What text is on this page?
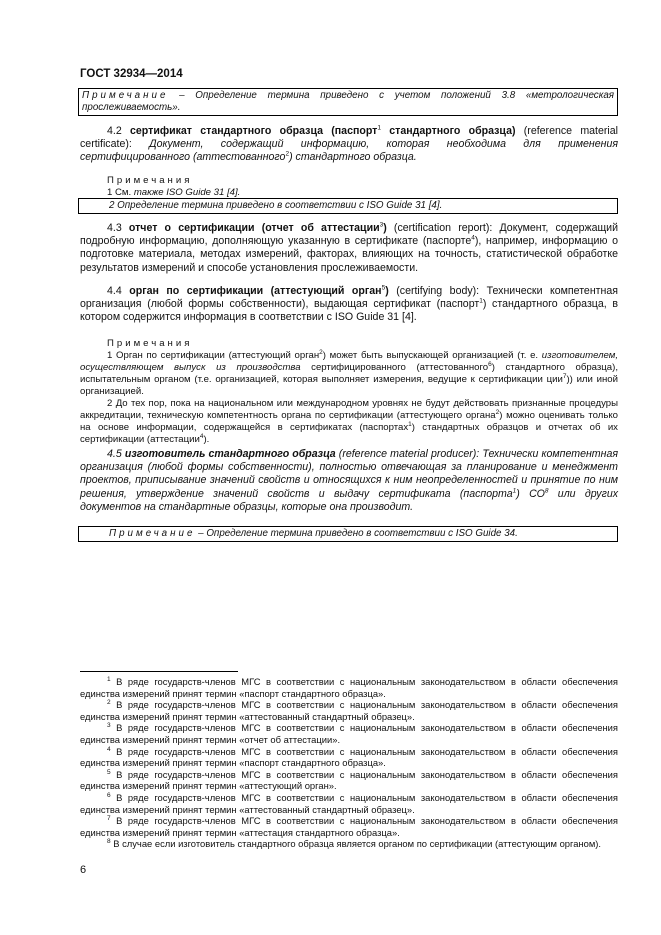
ГОСТ 32934—2014
Примечание – Определение термина приведено с учетом положений 3.8 «метрологическая прослеживаемость».
4.2 сертификат стандартного образца (паспорт$^1$ стандартного образца) (reference material certificate): Документ, содержащий информацию, которая необходима для применения сертифицированного (аттестованного$^2$) стандартного образца.
Примечания
1 См. также ISO Guide 31 [4].
2 Определение термина приведено в соответствии с ISO Guide 31 [4].
4.3 отчет о сертификации (отчет об аттестации$^3$) (certification report): Документ, содержащий подробную информацию, дополняющую указанную в сертификате (паспорте$^4$), например, информацию о подготовке материала, методах измерений, факторах, влияющих на точность, статистической обработке результатов измерений и способе установления прослеживаемости.
4.4 орган по сертификации (аттестующий орган$^5$) (certifying body): Технически компетентная организация (любой формы собственности), выдающая сертификат (паспорт$^1$) стандартного образца, в котором содержится информация в соответствии с ISO Guide 31 [4].
Примечания
1 Орган по сертификации (аттестующий орган$^2$) может быть выпускающей организацией (т. е. изготовителем, осуществляющем выпуск из производства сертифицированного (аттестованного$^6$) стандартного образца), испытательным органом (т.е. организацией, которая выполняет измерения, ведущие к сертификации ции$^7$)) или иной организацией.
2 До тех пор, пока на национальном или международном уровнях не будут действовать признанные процедуры аккредитации, техническую компетентность органа по сертификации (аттестующего органа$^2$) можно оценивать только на основе информации, содержащейся в сертификатах (паспортах$^1$) стандартных образцов и отчетах об их сертификации (аттестации$^4$).
4.5 изготовитель стандартного образца (reference material producer): Технически компетентная организация (любой формы собственности), полностью отвечающая за планирование и менеджмент проектов, приписывание значений свойств и относящихся к ним неопределенностей и принятие по ним решения, утверждение значений свойств и выдачу сертификата (паспорта$^1$) $СО^8$ или других документов на стандартные образцы, которые она производит.
Примечание – Определение термина приведено в соответствии с ISO Guide 34.
$^1$ В ряде государств-членов МГС в соответствии с национальным законодательством в области обеспечения единства измерений принят термин «паспорт стандартного образца».
$^2$ В ряде государств-членов МГС в соответствии с национальным законодательством в области обеспечения единства измерений принят термин «аттестованный стандартный образец».
$^3$ В ряде государств-членов МГС в соответствии с национальным законодательством в области обеспечения единства измерений принят термин «отчет об аттестации».
$^4$ В ряде государств-членов МГС в соответствии с национальным законодательством в области обеспечения единства измерений принят термин «паспорт стандартного образца».
$^5$ В ряде государств-членов МГС в соответствии с национальным законодательством в области обеспечения единства измерений принят термин «аттестующий орган».
$^6$ В ряде государств-членов МГС в соответствии с национальным законодательством в области обеспечения единства измерений принят термин «аттестованный стандартный образец».
$^7$ В ряде государств-членов МГС в соответствии с национальным законодательством в области обеспечения единства измерений принят термин «аттестация стандартного образца».
$^8$ В случае если изготовитель стандартного образца является органом по сертификации (аттестующим органом).
6
